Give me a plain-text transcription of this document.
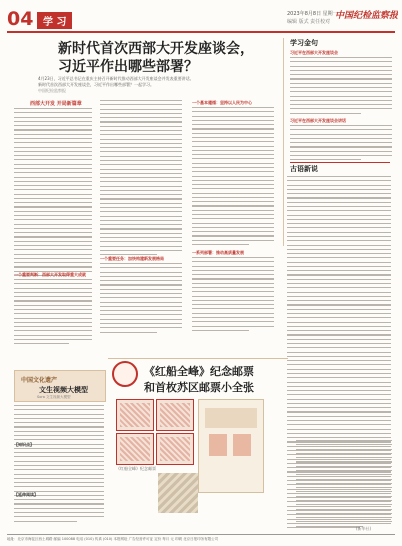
04 学 习
2023年8月8日 星期一
编辑 版式 责任校对
中国纪检监察报
新时代首次西部大开发座谈会，
习近平作出哪些部署？
4月23日，习近平总书记在重庆主持召开新时代推动西部大开发座谈会并发表重要讲话。
新时代首次西部大开发座谈会，习近平作出哪些部署？一起学习。
中国纪检监察报
西部大开发 开局新篇章
一个重要判断：西部大开发取得重大成就
一个重要任务：加快构建新发展格局
一个基本遵循：坚持以人民为中心
一系列部署：推动高质量发展
学习金句
习近平在西部大开发座谈会
习近平在西部大开发座谈会讲话
古语新说
中国文化遗产
文生视频大模型
Sora 文生视频大模型
【知识点】
【延伸阅读】
《红船全峰》纪念邮票
和首枚苏区邮票小全张
《红船全峰》纪念邮票
(新华社)
地址：北京市海淀区西土城路 邮编 100088 电话 (010) 传真 (010) 本报网址 广告经营许可证 定价 每月 元 印刷 北京日报印务有限公司
